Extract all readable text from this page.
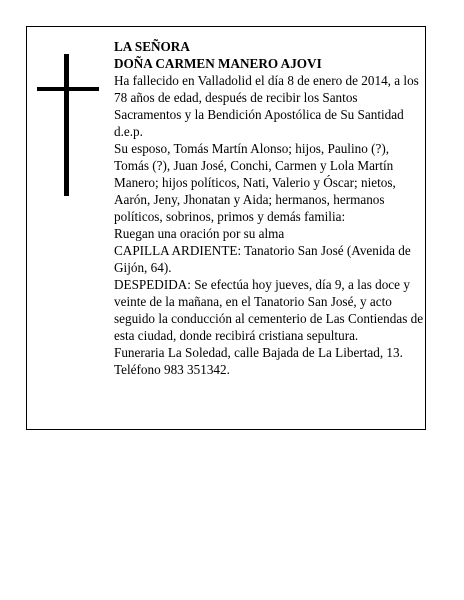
LA SEÑORA

DOÑA CARMEN MANERO AJOVI

Ha fallecido en Valladolid el día 8 de enero de 2014, a los 78 años de edad, después de recibir los Santos Sacramentos y la Bendición Apostólica de Su Santidad d.e.p.

Su esposo, Tomás Martín Alonso; hijos, Paulino (?), Tomás (?), Juan José, Conchi, Carmen y Lola Martín Manero; hijos políticos, Nati, Valerio y Óscar; nietos, Aarón, Jeny, Jhonatan y Aida; hermanos, hermanos políticos, sobrinos, primos y demás familia:

Ruegan una oración por su alma

CAPILLA ARDIENTE: Tanatorio San José (Avenida de Gijón, 64).

DESPEDIDA: Se efectúa hoy jueves, día 9, a las doce y veinte de la mañana, en el Tanatorio San José, y acto seguido la conducción al cementerio de Las Contiendas de esta ciudad, donde recibirá cristiana sepultura.

Funeraria La Soledad, calle Bajada de La Libertad, 13. Teléfono 983 351342.
